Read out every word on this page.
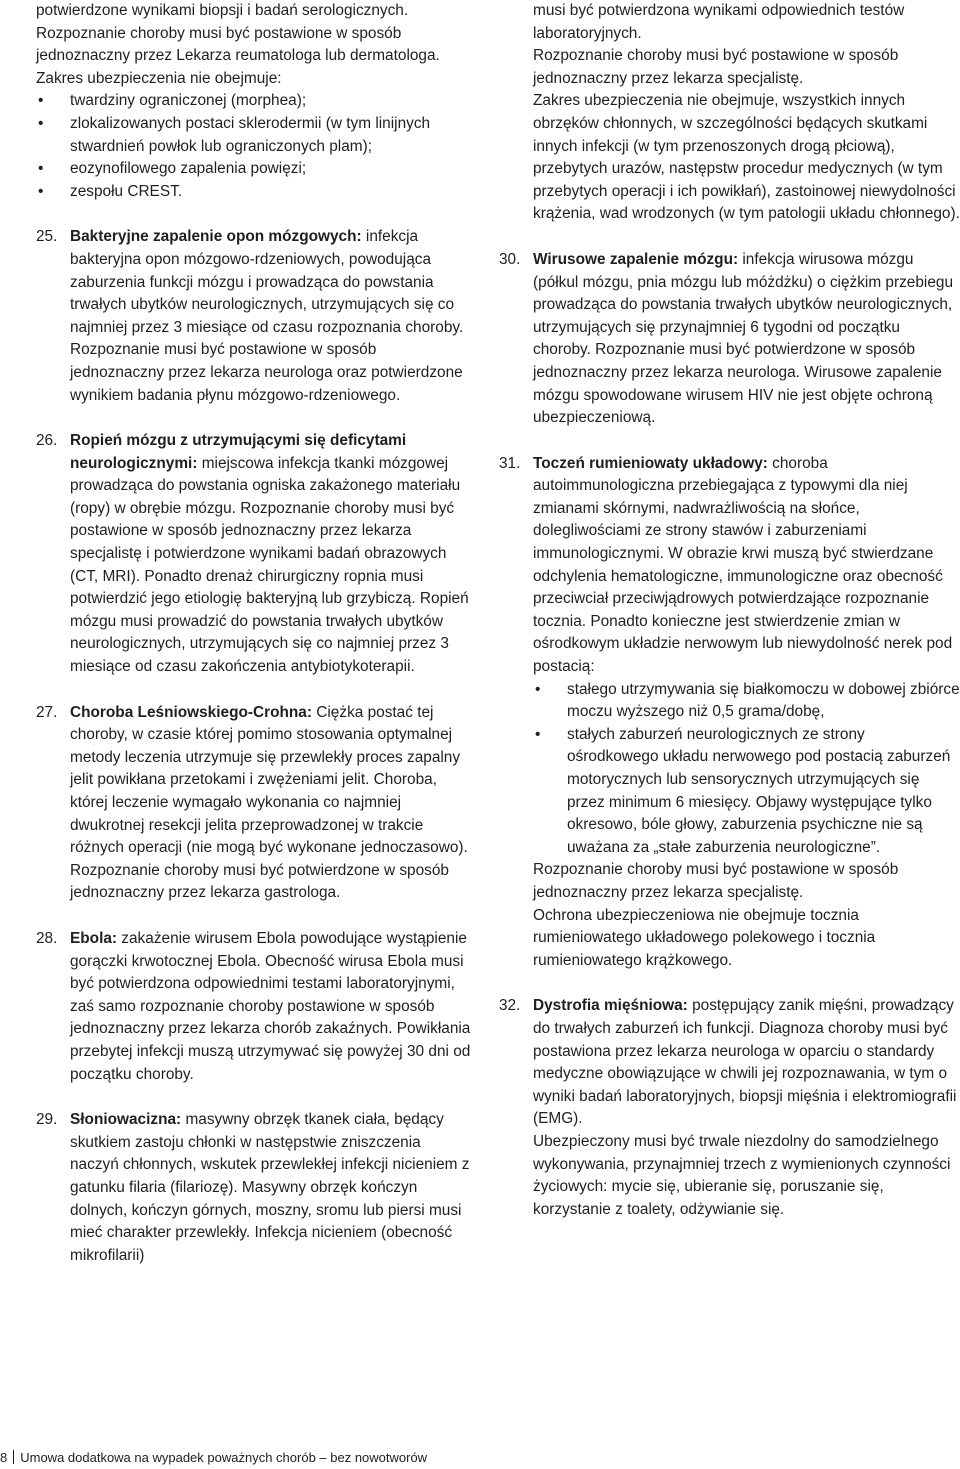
potwierdzone wynikami biopsji i badań serologicznych.

Rozpoznanie choroby musi być postawione w sposób jednoznaczny przez Lekarza reumatologa lub dermatologa.

Zakres ubezpieczenia nie obejmuje:

• twardziny ograniczonej (morphea);
• zlokalizowanych postaci sklerodermii (w tym linijnych stwardnień powłok lub ograniczonych plam);
• eozynofilowego zapalenia powięzi;
• zespołu CREST.
25. Bakteryjne zapalenie opon mózgowych: infekcja bakteryjna opon mózgowo-rdzeniowych, powodująca zaburzenia funkcji mózgu i prowadząca do powstania trwałych ubytków neurologicznych, utrzymujących się co najmniej przez 3 miesiące od czasu rozpoznania choroby. Rozpoznanie musi być postawione w sposób jednoznaczny przez lekarza neurologa oraz potwierdzone wynikiem badania płynu mózgowo-rdzeniowego.
26. Ropień mózgu z utrzymującymi się deficytami neurologicznymi: miejscowa infekcja tkanki mózgowej prowadząca do powstania ogniska zakażonego materiału (ropy) w obrębie mózgu. Rozpoznanie choroby musi być postawione w sposób jednoznaczny przez lekarza specjalistę i potwierdzone wynikami badań obrazowych (CT, MRI). Ponadto drenaż chirurgiczny ropnia musi potwierdzić jego etiologię bakteryjną lub grzybiczą. Ropień mózgu musi prowadzić do powstania trwałych ubytków neurologicznych, utrzymujących się co najmniej przez 3 miesiące od czasu zakończenia antybiotykoterapii.
27. Choroba Leśniowskiego-Crohna: Ciężka postać tej choroby, w czasie której pomimo stosowania optymalnej metody leczenia utrzymuje się przewlekły proces zapalny jelit powikłana przetokami i zwężeniami jelit. Choroba, której leczenie wymagało wykonania co najmniej dwukrotnej resekcji jelita przeprowadzonej w trakcie różnych operacji (nie mogą być wykonane jednoczasowo). Rozpoznanie choroby musi być potwierdzone w sposób jednoznaczny przez lekarza gastrologa.
28. Ebola: zakażenie wirusem Ebola powodujące wystąpienie gorączki krwotocznej Ebola. Obecność wirusa Ebola musi być potwierdzona odpowiednimi testami laboratoryjnymi, zaś samo rozpoznanie choroby postawione w sposób jednoznaczny przez lekarza chorób zakaźnych. Powikłania przebytej infekcji muszą utrzymywać się powyżej 30 dni od początku choroby.
29. Słoniowacizna: masywny obrzęk tkanek ciała, będący skutkiem zastoju chłonki w następstwie zniszczenia naczyń chłonnych, wskutek przewlekłej infekcji nicieniem z gatunku filaria (filariozę). Masywny obrzęk kończyn dolnych, kończyn górnych, moszny, sromu lub piersi musi mieć charakter przewlekły. Infekcja nicieniem (obecność mikrofilarii)

musi być potwierdzona wynikami odpowiednich testów laboratoryjnych.

Rozpoznanie choroby musi być postawione w sposób jednoznaczny przez lekarza specjalistę.

Zakres ubezpieczenia nie obejmuje, wszystkich innych obrzęków chłonnych, w szczególności będących skutkami innych infekcji (w tym przenoszonych drogą płciową), przebytych urazów, następstw procedur medycznych (w tym przebytych operacji i ich powikłań), zastoinowej niewydolności krążenia, wad wrodzonych (w tym patologii układu chłonnego).

30. Wirusowe zapalenie mózgu: infekcja wirusowa mózgu (półkul mózgu, pnia mózgu lub móżdżku) o ciężkim przebiegu prowadząca do powstania trwałych ubytków neurologicznych, utrzymujących się przynajmniej 6 tygodni od początku choroby. Rozpoznanie musi być potwierdzone w sposób jednoznaczny przez lekarza neurologa. Wirusowe zapalenie mózgu spowodowane wirusem HIV nie jest objęte ochroną ubezpieczeniową.
31. Toczeń rumieniowaty układowy: choroba autoimmunologiczna przebiegająca z typowymi dla niej zmianami skórnymi, nadwrażliwością na słońce, dolegliwościami ze strony stawów i zaburzeniami immunologicznymi. W obrazie krwi muszą być stwierdzane odchylenia hematologiczne, immunologiczne oraz obecność przeciwciał przeciwjądrowych potwierdzające rozpoznanie tocznia. Ponadto konieczne jest stwierdzenie zmian w ośrodkowym układzie nerwowym lub niewydolność nerek pod postacią:
• stałego utrzymywania się białkomoczu w dobowej zbiórce moczu wyższego niż 0,5 grama/dobę,
• stałych zaburzeń neurologicznych ze strony ośrodkowego układu nerwowego pod postacią zaburzeń motorycznych lub sensorycznych utrzymujących się przez minimum 6 miesięcy. Objawy występujące tylko okresowo, bóle głowy, zaburzenia psychiczne nie są uważana za „stałe zaburzenia neurologiczne”.

Rozpoznanie choroby musi być postawione w sposób jednoznaczny przez lekarza specjalistę.

Ochrona ubezpieczeniowa nie obejmuje tocznia rumieniowatego układowego polekowego i tocznia rumieniowatego krążkowego.

32. Dystrofia mięśniowa: postępujący zanik mięśni, prowadzący do trwałych zaburzeń ich funkcji. Diagnoza choroby musi być postawiona przez lekarza neurologa w oparciu o standardy medyczne obowiązujące w chwili jej rozpoznawania, w tym o wyniki badań laboratoryjnych, biopsji mięśnia i elektromiografii (EMG).

Ubezpieczony musi być trwale niezdolny do samodzielnego wykonywania, przynajmniej trzech z wymienionych czynności życiowych: mycie się, ubieranie się, poruszanie się, korzystanie z toalety, odżywianie się.

8 Umowa dodatkowa na wypadek poważnych chorób – bez nowotworów
